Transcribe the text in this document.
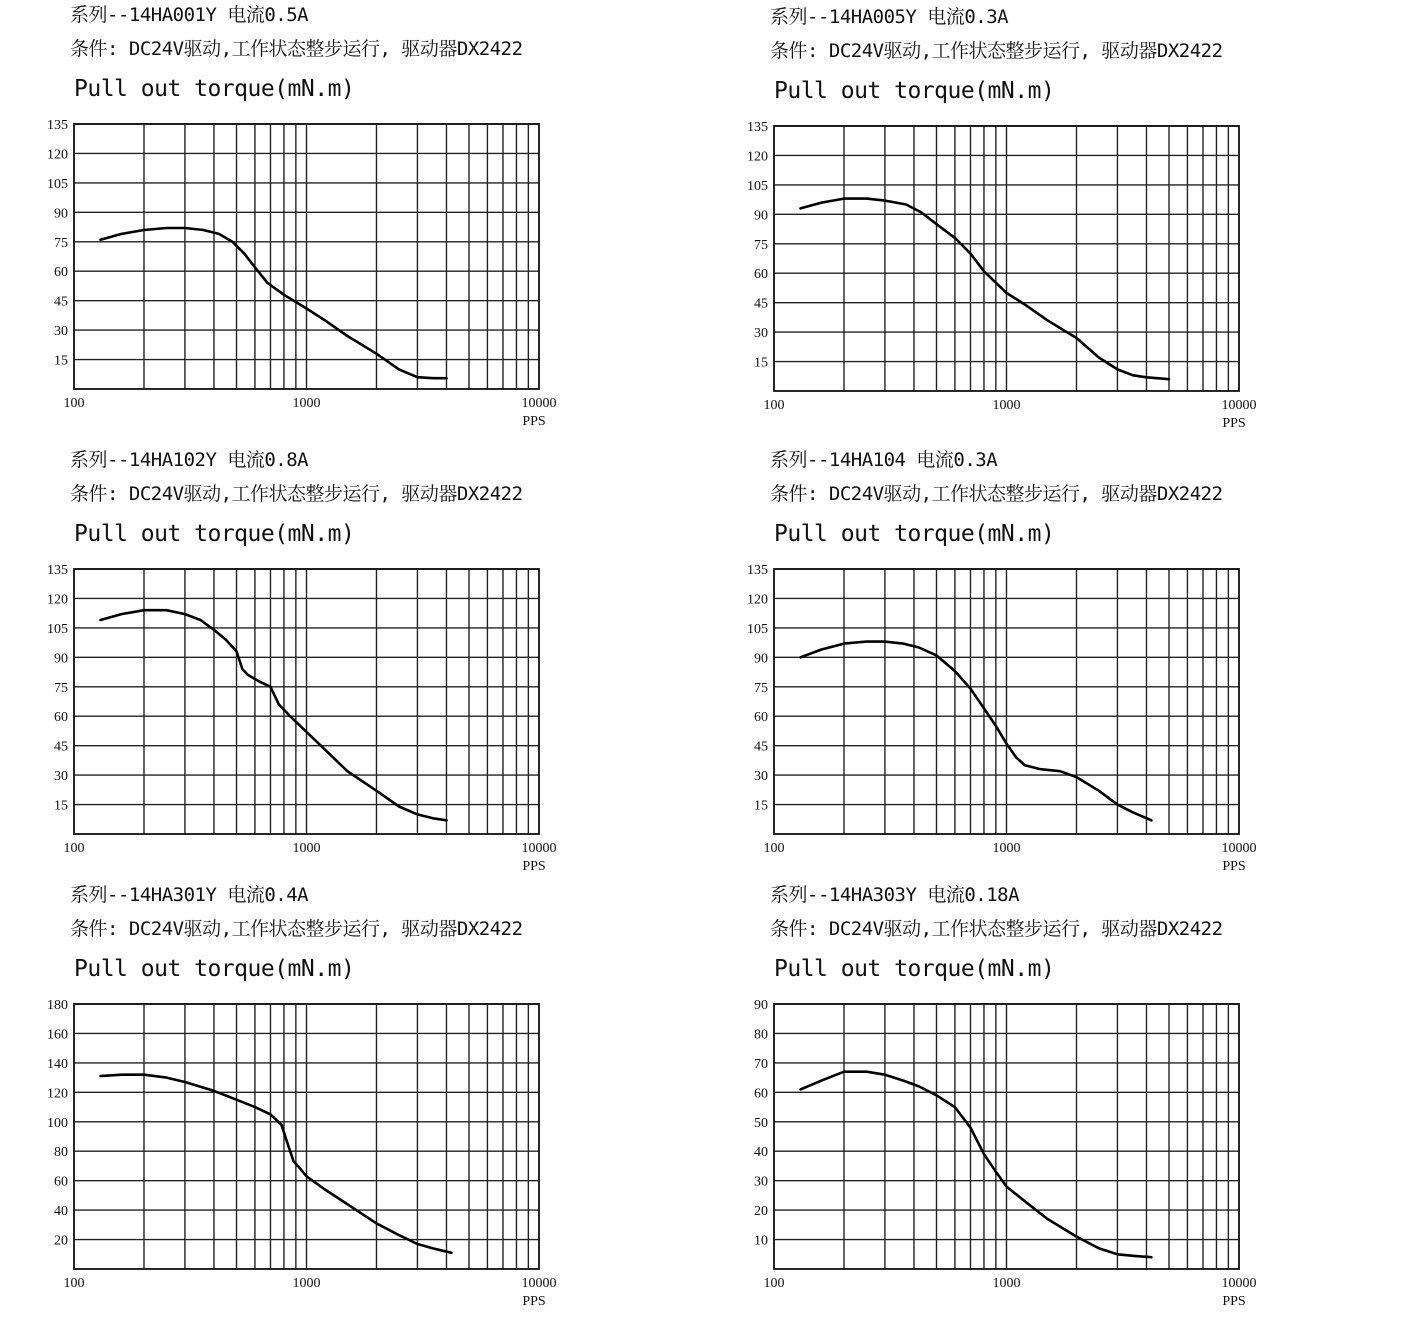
系列--14HA001Y 电流0.5A
条件: DC24V驱动,工作状态整步运行, 驱动器DX2422
Pull out torque(mN.m)
15
30
45
60
75
90
105
120
135
100	1000	10000
PPS
系列--14HA005Y 电流0.3A
条件: DC24V驱动,工作状态整步运行, 驱动器DX2422
Pull out torque(mN.m)
15
30
45
60
75
90
105
120
135
100	1000	10000
PPS
系列--14HA102Y 电流0.8A
条件: DC24V驱动,工作状态整步运行, 驱动器DX2422
Pull out torque(mN.m)
15
30
45
60
75
90
105
120
135
100	1000	10000
PPS
系列--14HA104 电流0.3A
条件: DC24V驱动,工作状态整步运行, 驱动器DX2422
Pull out torque(mN.m)
15
30
45
60
75
90
105
120
135
100	1000	10000
PPS
系列--14HA301Y 电流0.4A
条件: DC24V驱动,工作状态整步运行, 驱动器DX2422
Pull out torque(mN.m)
20
40
60
80
100
120
140
160
180
100	1000	10000
PPS
系列--14HA303Y 电流0.18A
条件: DC24V驱动,工作状态整步运行, 驱动器DX2422
Pull out torque(mN.m)
10
20
30
40
50
60
70
80
90
100	1000	10000
PPS
